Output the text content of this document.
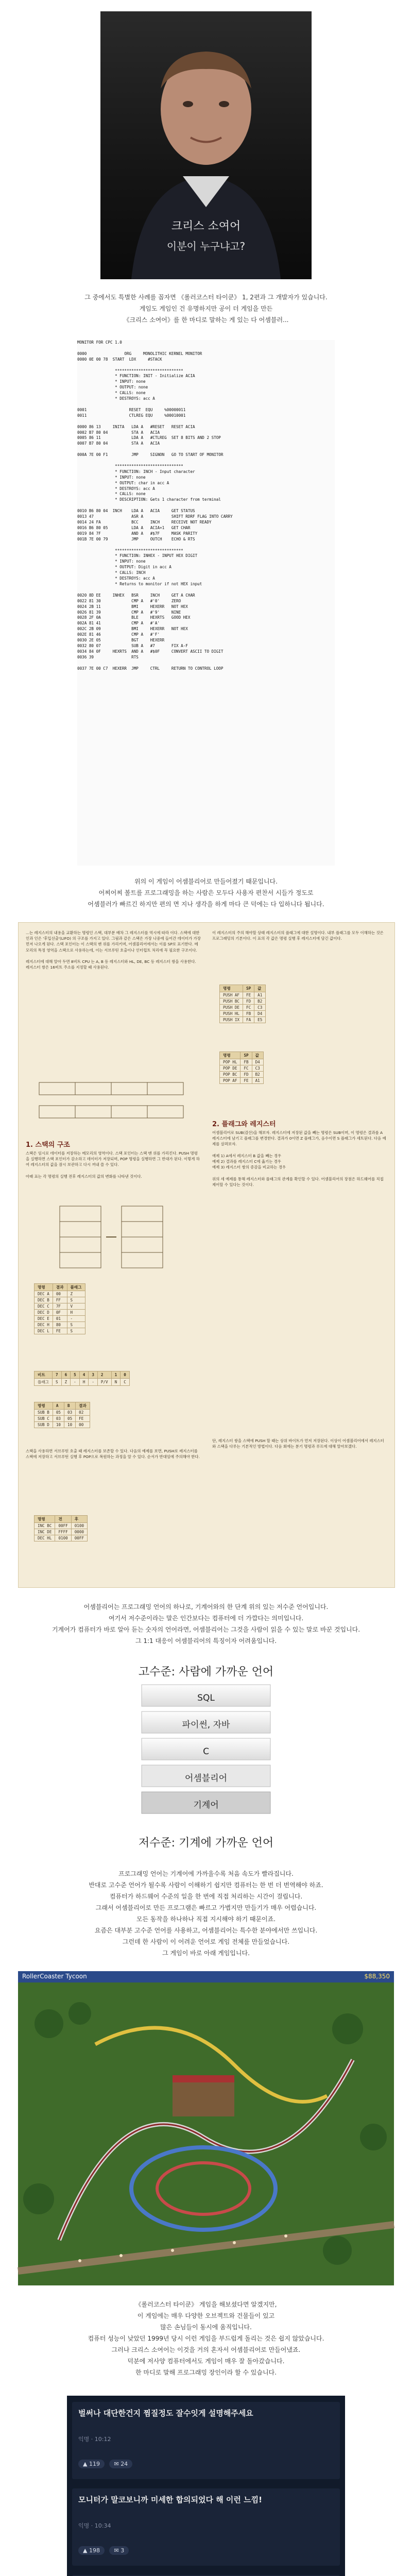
크리스 소여어
이분이 누구냐고?
그 중에서도 특별한 사례를 꼽자면 《롤러코스터 타이쿤》 1, 2편과 그 개발자가 있습니다.
게임도 게임인 건 유명하지만 공이 더 게임을 만든
《크리스 소여어》를 한 마디로 말하는 게 있는 다 어셈블러...
MONITOR FOR CPC 1.0

0000                ORG     MONOLITHIC KERNEL MONITOR
0000 0E 00 78  START  LDX     #STACK

*****************************
* FUNCTION: INIT - Initialize ACIA
* INPUT: none
* OUTPUT: none
* CALLS: none
* DESTROYS: acc A

0001                  RESET  EQU     %00000011
0011                  CTLREG EQU     %00010001

0000 86 13     INITA   LDA A   #RESET   RESET ACIA
0002 B7 80 04          STA A   ACIA
0005 86 11             LDA A   #CTLREG  SET 8 BITS AND 2 STOP
0007 B7 80 04          STA A   ACIA

000A 7E 00 F1          JMP     SIGNON   GO TO START OF MONITOR

*****************************
* FUNCTION: INCH - Input character
* INPUT: none
* OUTPUT: char in acc A
* DESTROYS: acc A
* CALLS: none
* DESCRIPTION: Gets 1 character from terminal

0010 B6 80 04  INCH    LDA A   ACIA     GET STATUS
0013 47                ASR A            SHIFT RDRF FLAG INTO CARRY
0014 24 FA             BCC     INCH     RECEIVE NOT READY
0016 B6 80 05          LDA A   ACIA+1   GET CHAR
0019 84 7F             AND A   #$7F     MASK PARITY
001B 7E 00 79          JMP     OUTCH    ECHO & RTS

*****************************
* FUNCTION: INHEX - INPUT HEX DIGIT
* INPUT: none
* OUTPUT: Digit in acc A
* CALLS: INCH
* DESTROYS: acc A
* Returns to monitor if not HEX input

0020 8D EE     INHEX   BSR     INCH     GET A CHAR
0022 81 30             CMP A   #'0'     ZERO
0024 2B 11             BMI     HEXERR   NOT HEX
0026 81 39             CMP A   #'9'     NINE
0028 2F 0A             BLE     HEXRTS   GOOD HEX
002A 81 41             CMP A   #'A'
002C 2B 09             BMI     HEXERR   NOT HEX
002E 81 46             CMP A   #'F'
0030 2E 05             BGT     HEXERR
0032 80 07             SUB A   #7       FIX A-F
0034 84 0F     HEXRTS  AND A   #$0F     CONVERT ASCII TO DIGIT
0036 39                RTS

0037 7E 00 C7  HEXERR  JMP     CTRL     RETURN TO CONTROL LOOP
위의 이 게임이 어셈블리어로 만들어졌기 때문입니다.
어찌어찌 볼트를 프로그래밍을 하는 사람은 모두다 사용자 편찬서 시들가 정도로
어셈블러가 빠르긴 하지만 편의 면 지나 생각을 하게 마다 큰 덕에는 다 입하니다 됩니다.
...는 레지스터의 내용을 교환하는 명령인 스택, 대부분 배차 그 레지스터를 역시에 따라 이다. 스택에 대한 인과 인은 '후입선출'(LIFO) 의 구조를 가지고 있다. 그림과 같은 스택은 가장 나중에 들어간 데이터가 가장 먼저 나오게 된다. 스택 포인터는 이 스택의 맨 위를 가리키며, 어셈블리어에서는 이를 SP로 표기한다. 메모리의 특정 영역을 스택으로 사용하는데, 이는 서브루틴 호출이나 인터럽트 처리에 꼭 필요한 구조이다.

레지스터에 대해 알아 두면 8비트 CPU 는 A, B 등 레지스터와 HL, DE, BC 등 레지스터 쌍을 사용한다. 레지스터 쌍은 16비트 주소를 지정할 때 사용된다.
1. 스택의 구조
스택은 임시로 데이터를 저장하는 메모리의 영역이다. 스택 포인터는 스택 맨 위를 가리킨다. PUSH 명령을 실행하면 스택 포인터가 감소하고 데이터가 저장되며, POP 명령을 실행하면 그 반대가 된다. 이렇게 하여 레지스터의 값을 잠시 보관하고 다시 꺼내 쓸 수 있다.

아래 표는 각 명령의 실행 전후 레지스터의 값의 변화를 나타낸 것이다.
명령	결과	플래그
DEC A	00	Z
DEC B	FF	S
DEC C	7F	V
DEC D	0F	H
DEC E	01	-
DEC H	80	S
DEC L	FE	S
비트	7	6	5	4	3	2	1	0
플래그	S	Z	-	H	-	P/V	N	C
명령	A	B	결과
SUB B	05	03	02
SUB C	03	05	FE
SUB D	10	10	00
스택을 사용하면 서브루틴 호출 때 레지스터를 보존할 수 있다. 다음의 예제를 보면, PUSH로 레지스터를 스택에 저장하고 서브루틴 실행 후 POP으로 복원하는 과정을 알 수 있다. 순서가 반대임에 주의해야 한다.
명령	전	후
INC BC	00FF	0100
INC DE	FFFF	0000
DEC HL	0100	00FF
이 레지스터의 주의 해야할 상태 레지스터의 플래그에 대한 설명이다. 내부 플래그를 모두 이해하는 것은 프로그래밍의 기본이다. 이 표의 각 값은 명령 실행 후 레지스터에 담긴 값이다.
명령	SP	값
PUSH AF	FE	A1
PUSH BC	FD	B2
PUSH DE	FC	C3
PUSH HL	FB	D4
PUSH IX	FA	E5
명령	SP	값
POP HL	FB	D4
POP DE	FC	C3
POP BC	FD	B2
POP AF	FE	A1
2. 플래그와 레지스터
어셈블리어로 SUB(감산)을 해보자. 레지스터에 저장된 값을 빼는 명령은 SUB이며, 이 명령은 결과를 A 레지스터에 남기고 플래그를 변경한다. 결과가 0이면 Z 플래그가, 음수이면 S 플래그가 세트된다. 다음 예제를 살펴보자.

예제 1) A에서 레지스터 B 값을 빼는 경우
예제 2) 결과를 레지스터 C에 옮기는 경우
예제 3) 레지스터 쌍의 증감을 비교하는 경우

위의 세 예제를 통해 레지스터와 플래그의 관계를 확인할 수 있다. 어셈블리어의 장점은 하드웨어를 직접 제어할 수 있다는 것이다.
단, 레지스터 쌍을 스택에 PUSH 할 때는 상위 바이트가 먼저 저장된다. 이상이 어셈블리어에서 레지스터와 스택을 다루는 기본적인 방법이다. 다음 회에는 분기 명령과 루프에 대해 알아보겠다.
어셈블리어는 프로그래밍 언어의 하나로, 기계어와의 한 단계 위의 있는 저수준 언어입니다.
여기서 저수준이라는 말은 인간보다는 컴퓨터에 더 가깝다는 의미입니다.
기계어가 컴퓨터가 바로 알아 듣는 숫자의 언어라면, 어셈블리어는 그것을 사람이 읽을 수 있는 말로 바꾼 것입니다.
그 1:1 대응이 어셈블리어의 특징이자 어려움입니다.
고수준: 사람에 가까운 언어
SQL
파이썬, 자바
C
어셈블리어
기계어
저수준: 기계에 가까운 언어
프로그래밍 언어는 기계어에 가까울수록 처음 속도가 빨라집니다.
반대로 고수준 언어가 될수록 사람이 이해하기 쉽지만 컴퓨터는 한 번 더 번역해야 하죠.
컴퓨터가 하드웨어 수준의 일을 한 번에 직접 처리하는 시간이 걸립니다.
그래서 어셈블리어로 만든 프로그램은 빠르고 가볍지만 만들기가 매우 어렵습니다.
모든 동작을 하나하나 직접 지시해야 하기 때문이죠.
요즘은 대부분 고수준 언어를 사용하고, 어셈블리어는 특수한 분야에서만 쓰입니다.
그런데 한 사람이 이 어려운 언어로 게임 전체를 만들었습니다.
그 게임이 바로 아래 게임입니다.
RollerCoaster Tycoon	$88,350
《롤러코스터 타이쿤》 게임을 해보셨다면 알겠지만,
이 게임에는 매우 다양한 오브젝트와 건물들이 있고
많은 손님들이 동시에 움직입니다.
컴퓨터 성능이 낮았던 1999년 당시 이런 게임을 부드럽게 돌리는 것은 쉽지 않았습니다.
그러나 크리스 소여어는 이것을 거의 혼자서 어셈블리어로 만들어냈죠.
덕분에 저사양 컴퓨터에서도 게임이 매우 잘 돌아갔습니다.
한 마디로 말해 프로그래밍 장인이라 할 수 있습니다.
벌써나 대단한건지 찜질정도 잘수잇게 설명해주세요
익명 · 10:12
▲ 119	✉ 24
모니터가 말코보니까 미세한 합의되었다 해 이런 느낌!
익명 · 10:34
▲ 198	✉ 3
